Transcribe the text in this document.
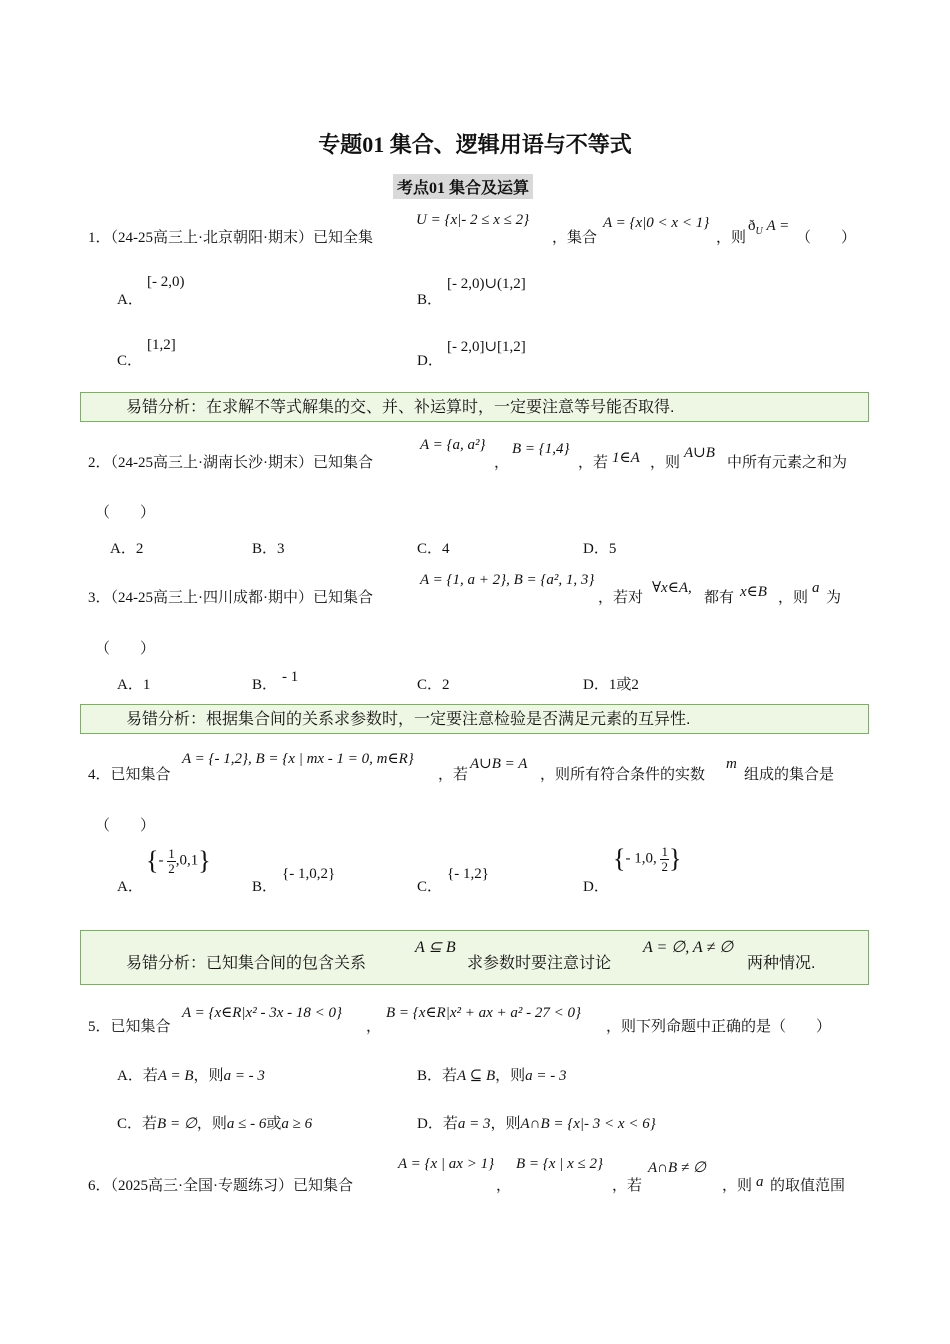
专题01 集合、逻辑用语与不等式
考点01 集合及运算
1．（24-25高三上·北京朝阳·期末）已知全集
U = {x|- 2 ≤ x ≤ 2}
，集合
A = {x|0 < x < 1}
，则
$ð_U$ A =
（　　）
A．
[- 2,0)
B．
[- 2,0)∪(1,2]
C．
[1,2]
D．
[- 2,0]∪[1,2]
易错分析：在求解不等式解集的交、并、补运算时，一定要注意等号能否取得.
2．（24-25高三上·湖南长沙·期末）已知集合
A = {a, a²}
，
B = {1,4}
，若 1∈A ，则
A∪B
中所有元素之和为
（　　）
A．2	B．3	C．4	D．5
3．（24-25高三上·四川成都·期中）已知集合
A = {1, a + 2}, B = {a², 1, 3}
，若对
∀x∈A,
都有 x∈B ，则
a
为
（　　）
A．1	B． - 1	C．2	D．1或2
易错分析：根据集合间的关系求参数时，一定要注意检验是否满足元素的互异性.
4．已知集合
A = {- 1,2}, B = {x | mx - 1 = 0, m∈R}
，若
A∪B = A
，则所有符合条件的实数
m
组成的集合是
（　　）
A．
{- $\frac{1}{2} ,0,1$}
B．
{- 1,0,2}
C．
{- 1,2}
D．
{- 1,0, $\frac{1}{2}$ }
易错分析：已知集合间的包含关系
A ⊆ B
求参数时要注意讨论
A = ∅, A ≠ ∅
两种情况.
5．已知集合
A = {x∈R|x² - 3x - 18 < 0}
，
B = {x∈R|x² + ax + a² - 27 < 0}
，则下列命题中正确的是（　　）
A．若A = B，则a = - 3	B．若A ⊆ B，则a = - 3
C．若B = ∅，则a ≤ - 6或a ≥ 6	D．若a = 3，则A∩B = {x|- 3 < x < 6}
6．（2025高三·全国·专题练习）已知集合
A = {x | ax > 1}
，
B = {x | x ≤ 2}
，若
A∩B ≠ ∅
，则 a 的取值范围
